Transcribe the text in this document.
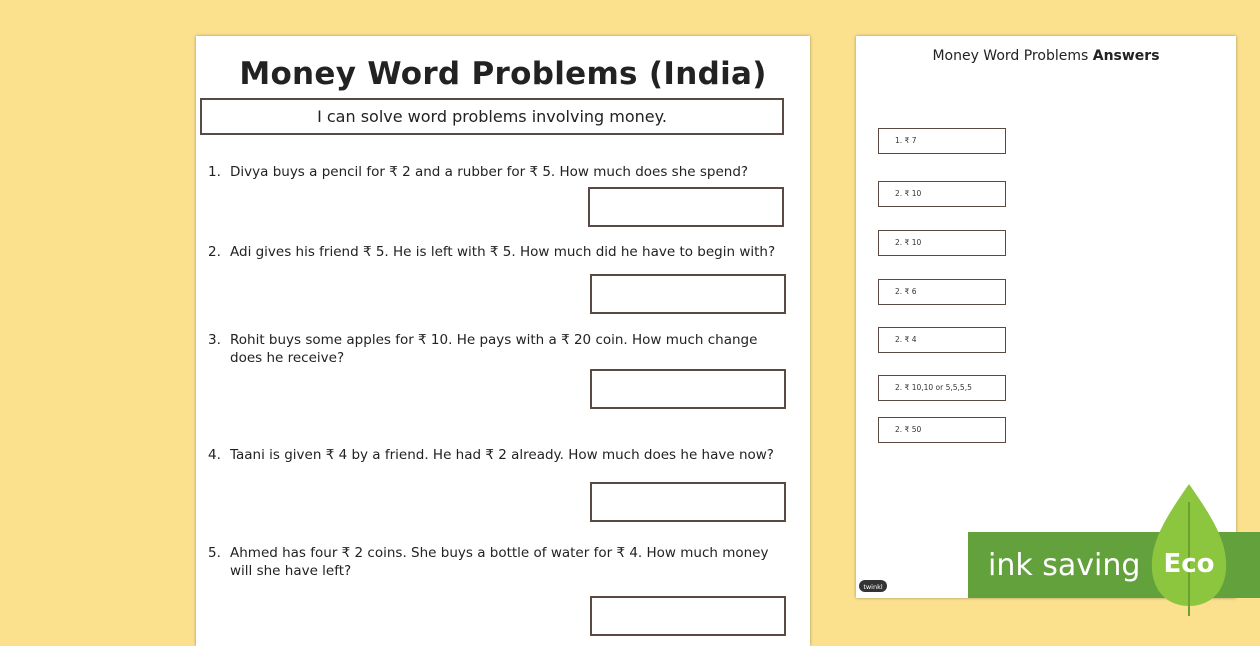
Money Word Problems (India)
I can solve word problems involving money.
1. Divya buys a pencil for ₹ 2 and a rubber for ₹ 5. How much does she spend?
2. Adi gives his friend ₹ 5. He is left with ₹ 5. How much did he have to begin with?
3. Rohit buys some apples for ₹ 10. He pays with a ₹ 20 coin. How much change
does he receive?
4. Taani is given ₹ 4 by a friend. He had ₹ 2 already. How much does he have now?
5. Ahmed has four ₹ 2 coins. She buys a bottle of water for ₹ 4. How much money
will she have left?
Money Word Problems Answers
1. ₹ 7
2. ₹ 10
2. ₹ 10
2. ₹ 6
2. ₹ 4
2. ₹ 10,10 or 5,5,5,5
2. ₹ 50
twinkl
ink saving Eco
